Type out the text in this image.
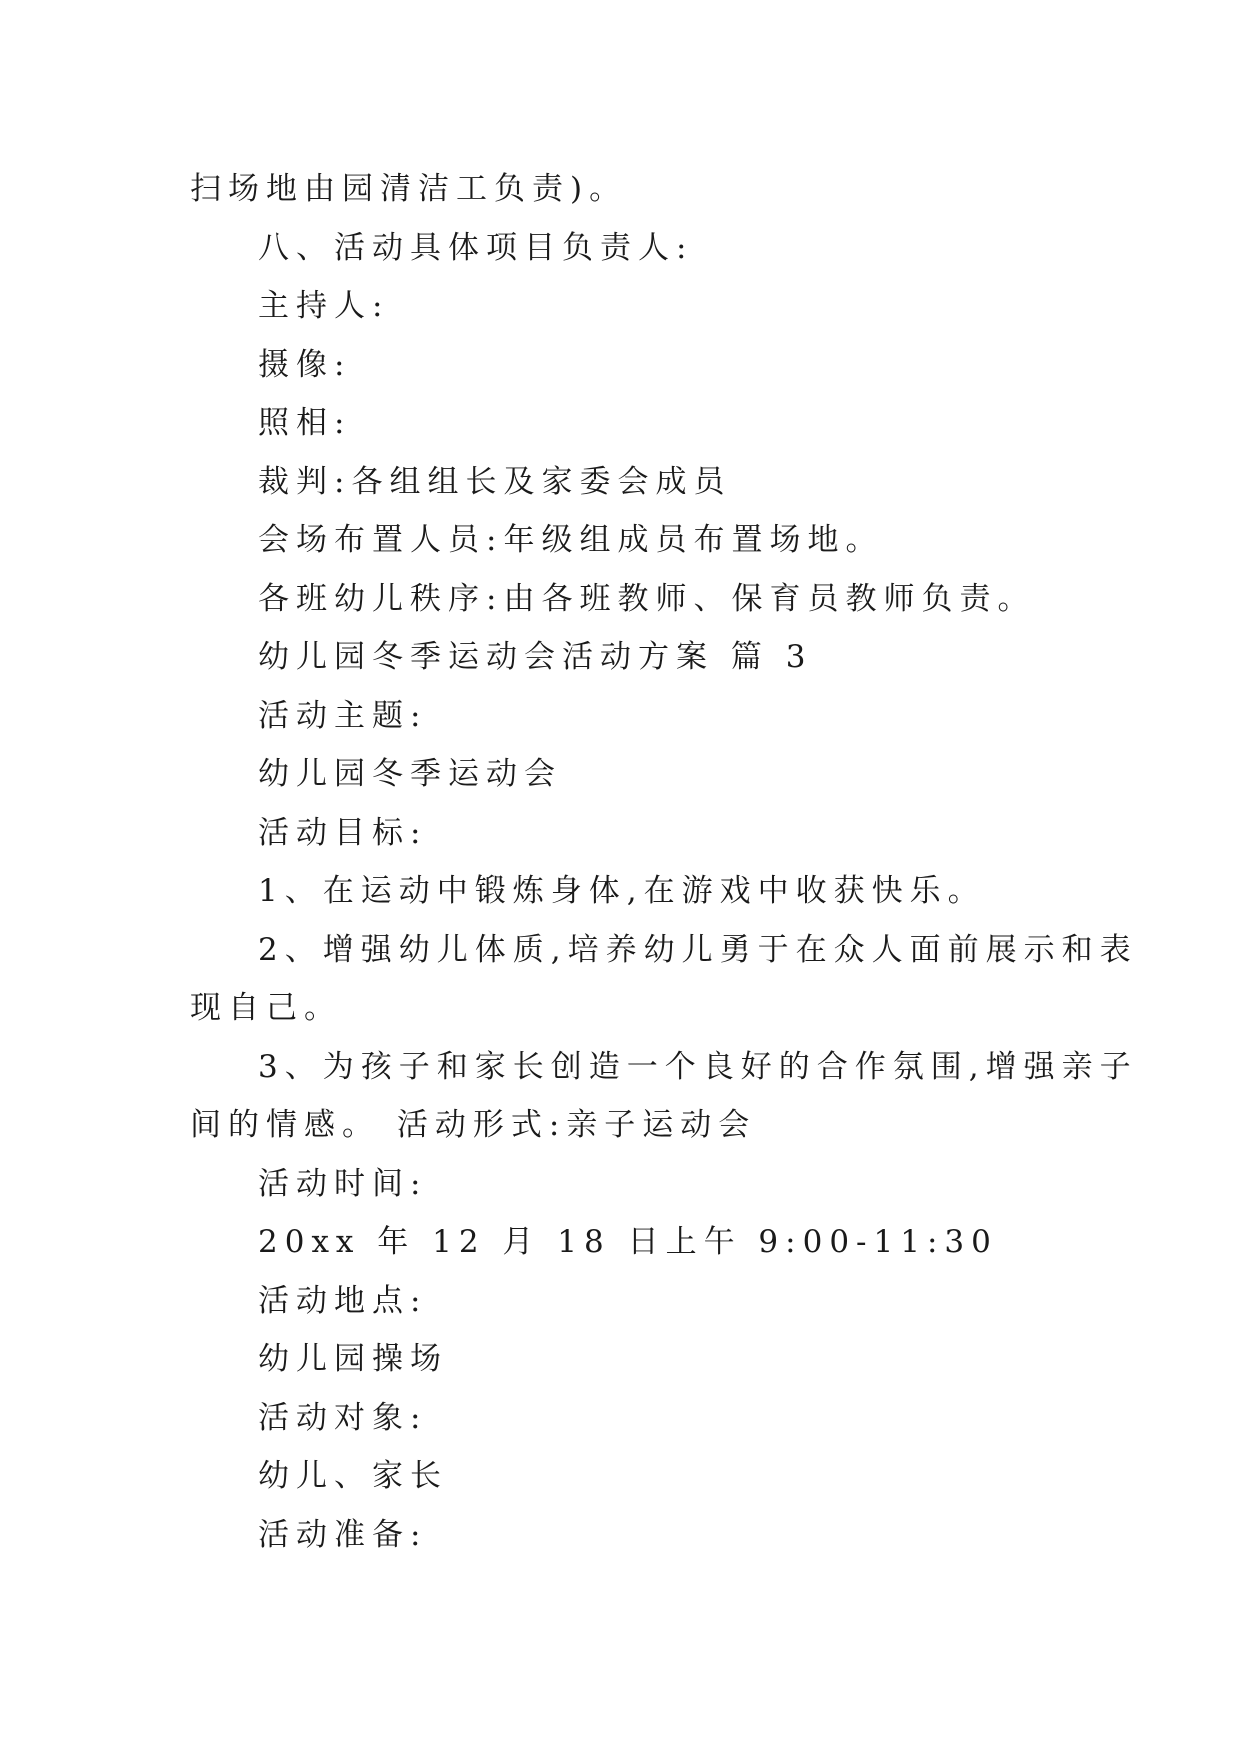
扫场地由园清洁工负责)。
八、活动具体项目负责人:
主持人:
摄像:
照相:
裁判:各组组长及家委会成员
会场布置人员:年级组成员布置场地。
各班幼儿秩序:由各班教师、保育员教师负责。
幼儿园冬季运动会活动方案 篇 3
活动主题:
幼儿园冬季运动会
活动目标:
1、在运动中锻炼身体,在游戏中收获快乐。
2、增强幼儿体质,培养幼儿勇于在众人面前展示和表
现自己。
3、为孩子和家长创造一个良好的合作氛围,增强亲子
间的情感。 活动形式:亲子运动会
活动时间:
20xx 年 12 月 18 日上午 9:00-11:30
活动地点:
幼儿园操场
活动对象:
幼儿、家长
活动准备:
